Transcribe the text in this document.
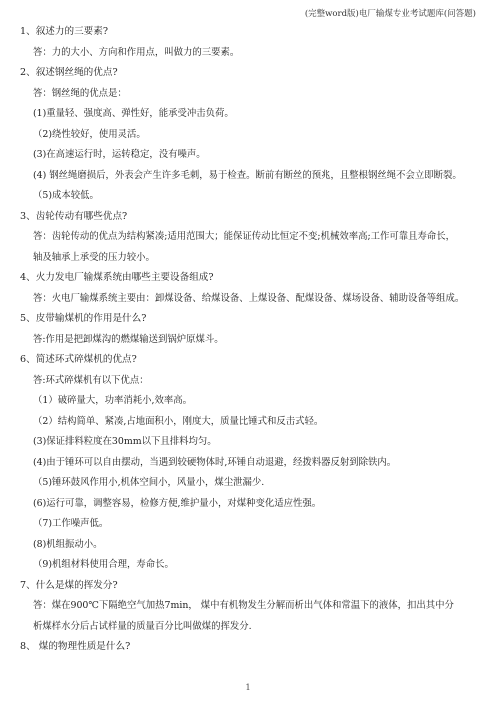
(完整word版)电厂输煤专业考试题库(问答题)
1、叙述力的三要素?
答：力的大小、方向和作用点，叫做力的三要素。
2、叙述钢丝绳的优点?
答：钢丝绳的优点是：
(1)重量轻、强度高、弹性好，能承受冲击负荷。
（2)绕性较好，使用灵活。
(3)在高速运行时，运转稳定，没有噪声。
(4) 钢丝绳磨损后，外表会产生许多毛刺，易于检查。断前有断丝的预兆，且整根钢丝绳不会立即断裂。
（5)成本较低。
3、齿轮传动有哪些优点?
答：齿轮传动的优点为结构紧凑;适用范围大；能保证传动比恒定不变;机械效率高;工作可靠且寿命长，
轴及轴承上承受的压力较小。
4、火力发电厂输煤系统由哪些主要设备组成?
答：火电厂输煤系统主要由：卸煤设备、给煤设备、上煤设备、配煤设备、煤场设备、辅助设备等组成。
5、皮带输煤机的作用是什么?
答:作用是把卸煤沟的燃煤输送到锅炉原煤斗。
6、简述环式碎煤机的优点?
答:环式碎煤机有以下优点：
（1）破碎量大，功率消耗小,效率高。
（2）结构简单、紧凑,占地面积小，刚度大，质量比锤式和反击式轻。
(3)保证排料粒度在30mm以下且排料均匀。
(4)由于锤环可以自由摆动，当遇到较硬物体时,环锤自动退避，经拨料器反射到除铁内。
（5)锤环鼓风作用小,机体空间小，风量小，煤尘泄漏少.
(6)运行可靠，调整容易，检修方便,维护量小，对煤种变化适应性强。
（7)工作噪声低。
(8)机组振动小。
（9)机组材料使用合理，寿命长。
7、什么是煤的挥发分?
答：煤在900℃下隔绝空气加热7min， 煤中有机物发生分解而析出气体和常温下的液体，扣出其中分
析煤样水分后占试样量的质量百分比叫做煤的挥发分.
8、 煤的物理性质是什么?
1
